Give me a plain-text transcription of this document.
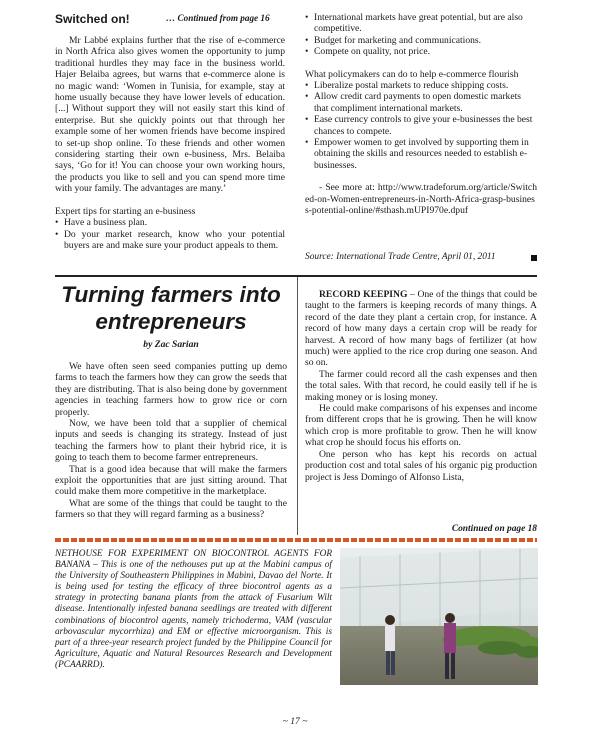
Switched on!	… Continued from page 16

Mr Labbé explains further that the rise of e-commerce in North Africa also gives women the opportunity to jump traditional hurdles they may face in the business world. Hajer Belaiba agrees, but warns that e-commerce alone is no magic wand: ‘Women in Tunisia, for example, stay at home usually because they have lower levels of education. [...] Without support they will not easily start this kind of enterprise. But she quickly points out that through her example some of her women friends have become inspired to set-up shop online. To these friends and other women considering starting their own e-business, Mrs. Belaiba says, ‘Go for it! You can choose your own working hours, the products you like to sell and you can spend more time with your family. The advantages are many.’

Expert tips for starting an e-business

• Have a business plan.

• Do your market research, know who your potential buyers are and make sure your product appeals to them.

• International markets have great potential, but are also competitive.

• Budget for marketing and communications.

• Compete on quality, not price.

What policymakers can do to help e-commerce flourish

• Liberalize postal markets to reduce shipping costs.

• Allow credit card payments to open domestic markets that compliment international markets.

• Ease currency controls to give your e-businesses the best chances to compete.

• Empower women to get involved by supporting them in obtaining the skills and resources needed to establish e-businesses.

- See more at: http://www.tradeforum.org/article/Switched-on-Women-entrepreneurs-in-North-Africa-grasp-business-potential-online/#sthash.mUPI970e.dpuf

Source: International Trade Centre, April 01, 2011
Turning farmers into entrepreneurs
by Zac Sarian

We have often seen seed companies putting up demo farms to teach the farmers how they can grow the seeds that they are distributing. That is also being done by government agencies in teaching farmers how to grow rice or corn properly.

Now, we have been told that a supplier of chemical inputs and seeds is changing its strategy. Instead of just teaching the farmers how to plant their hybrid rice, it is going to teach them to become farmer entrepreneurs.

That is a good idea because that will make the farmers exploit the opportunities that are just sitting around. That could make them more competitive in the marketplace.

What are some of the things that could be taught to the farmers so that they will regard farming as a business?

RECORD KEEPING – One of the things that could be taught to the farmers is keeping records of many things. A record of the date they plant a certain crop, for instance. A record of how many days a certain crop will be ready for harvest. A record of how many bags of fertilizer (at how much) were applied to the rice crop during one season. And so on.

The farmer could record all the cash expenses and then the total sales. With that record, he could easily tell if he is making money or is losing money.

He could make comparisons of his expenses and income from different crops that he is growing. Then he will know which crop is more profitable to grow. Then he will know what crop he should focus his efforts on.

One person who has kept his records on actual production cost and total sales of his organic pig production project is Jess Domingo of Alfonso Lista,

Continued on page 18
NETHOUSE FOR EXPERIMENT ON BIOCONTROL AGENTS FOR BANANA – This is one of the nethouses put up at the Mabini campus of the University of Southeastern Philippines in Mabini, Davao del Norte. It is being used for testing the efficacy of three biocontrol agents as a strategy in protecting banana plants from the attack of Fusarium Wilt disease. Intentionally infested banana seedlings are treated with different combinations of biocontrol agents, namely trichoderma, VAM (vascular arbovascular mycorrhiza) and EM or effective microorganism. This is part of a three-year research project funded by the Philippine Council for Agriculture, Aquatic and Natural Resources Research and Development (PCAARRD).
~ 17 ~
